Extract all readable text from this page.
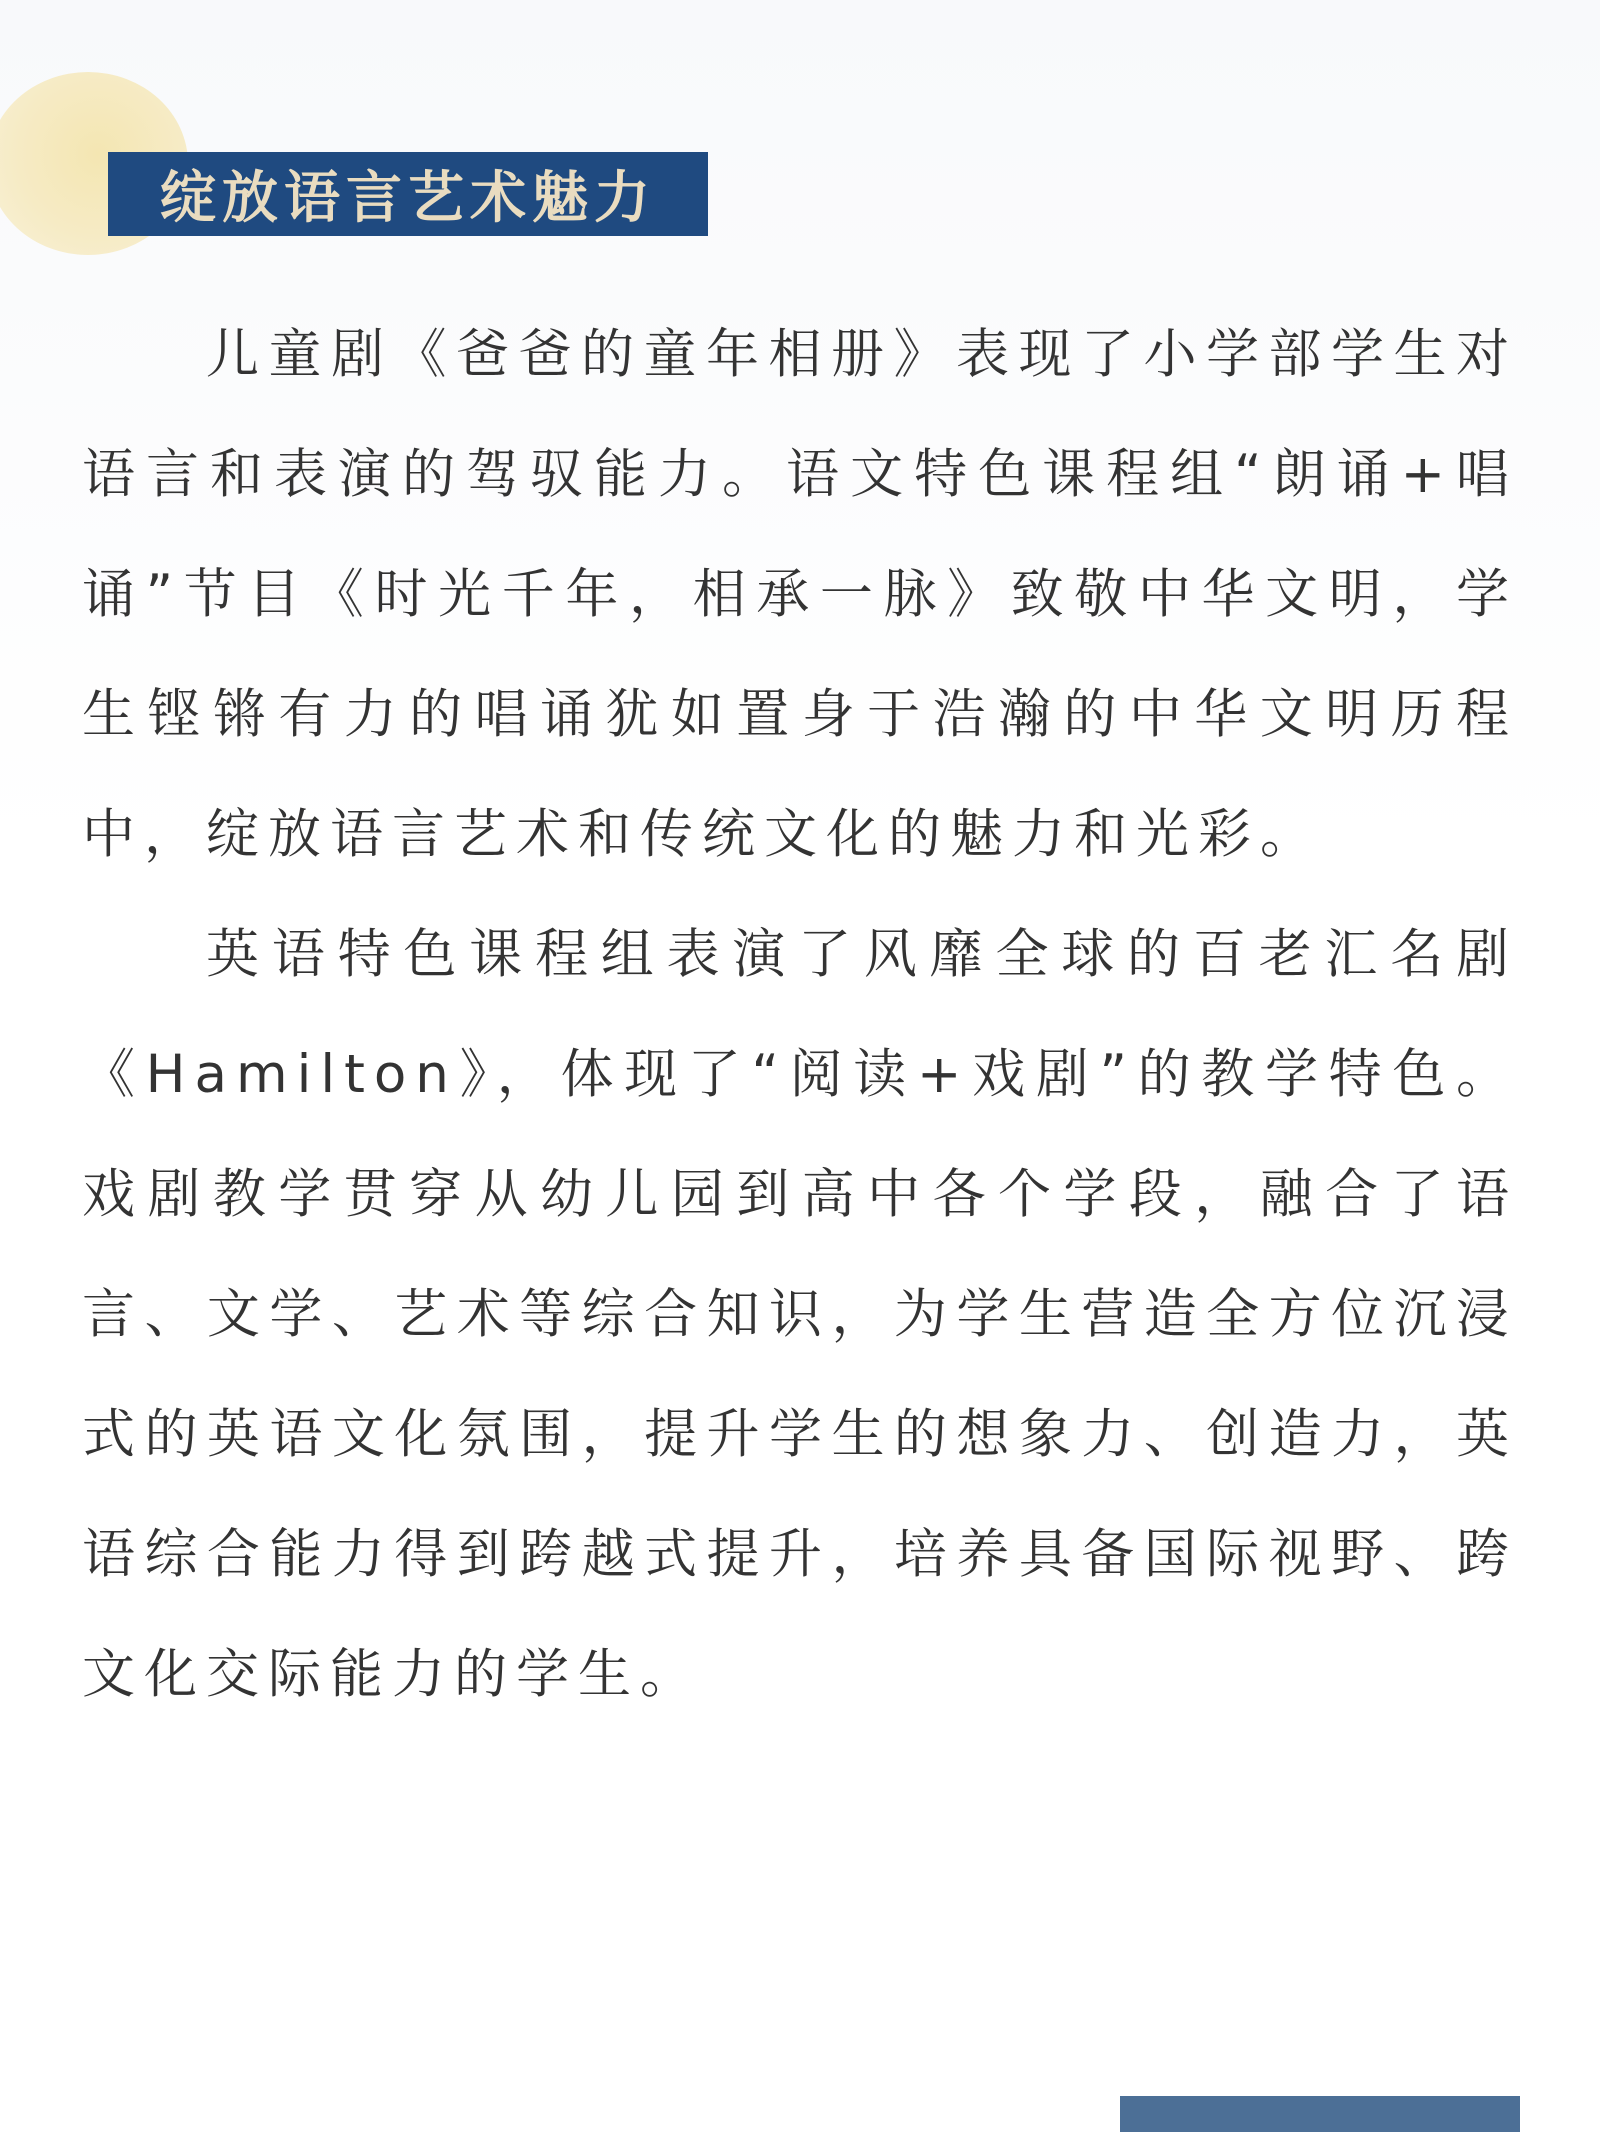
绽放语言艺术魅力

儿童剧《爸爸的童年相册》表现了小学部学生对语言和表演的驾驭能力。语文特色课程组“朗诵+唱诵”节目《时光千年，相承一脉》致敬中华文明，学生铿锵有力的唱诵犹如置身于浩瀚的中华文明历程中，绽放语言艺术和传统文化的魅力和光彩。

英语特色课程组表演了风靡全球的百老汇名剧《Hamilton》，体现了“阅读+戏剧”的教学特色。戏剧教学贯穿从幼儿园到高中各个学段，融合了语言、文学、艺术等综合知识，为学生营造全方位沉浸式的英语文化氛围，提升学生的想象力、创造力，英语综合能力得到跨越式提升，培养具备国际视野、跨文化交际能力的学生。
